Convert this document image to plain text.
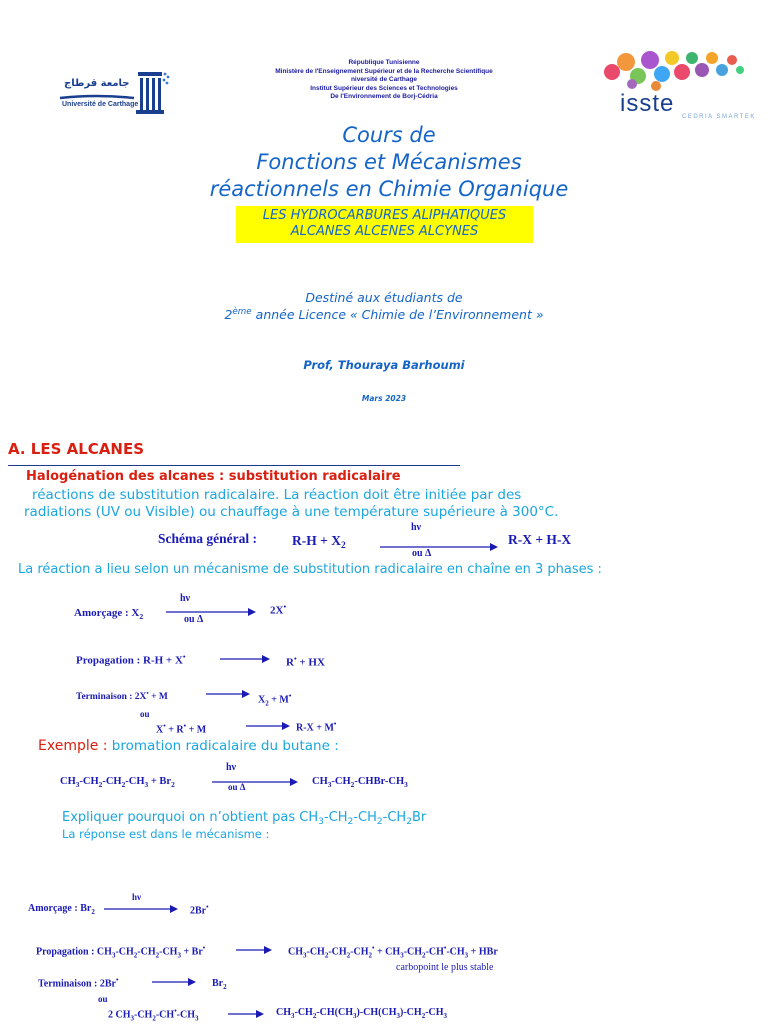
جامعة قرطاج
Université de Carthage	isste CEDRIA SMARTEK
République Tunisienne
Ministère de l'Enseignement Supérieur et de la Recherche Scientifique
niversité de Carthage
Institut Supérieur des Sciences et Technologies
De l'Environnement de Borj-Cédria
Cours de
Fonctions et Mécanismes
réactionnels en Chimie Organique
LES HYDROCARBURES ALIPHATIQUES
ALCANES ALCENES ALCYNES
Destiné aux étudiants de
2ème année Licence « Chimie de l’Environnement »
Prof, Thouraya Barhoumi
Mars 2023
A. LES ALCANES
Halogénation des alcanes : substitution radicalaire
réactions de substitution radicalaire. La réaction doit être initiée par des
radiations (UV ou Visible) ou chauffage à une température supérieure à 300°C.
Schéma général :	$R-H + X_2$
hν
ou Δ
R-X + H-X
La réaction a lieu selon un mécanisme de substitution radicalaire en chaîne en 3 phases :
Amorçage : $X_2$
hν
ou Δ
2X•
Propagation : R-H + X• → R• + HX
Terminaison : 2X• + M	$X_2 + M^•$
ou
X• + R• + M → R-X + M•
Exemple : bromation radicalaire du butane :
$CH_3-CH_2-CH_2-CH_3 + Br_2$
hν
ou Δ	$CH_3-CH_2-CHBr-CH_3$
Expliquer pourquoi on n’obtient pas $CH_3-CH_2-CH_2-CH_2Br$
La réponse est dans le mécanisme :
Amorçage : $Br_2$
hν
2Br•
Propagation : $CH_3-CH_2-CH_2-CH_3 + Br^• \to CH_3-CH_2-CH_2-CH_2^• + CH_3-CH_2-CH^•-CH_3$ + HBr
carbopoint le plus stable
Terminaison : $2Br^• \to Br_2$
ou
2 $CH_3-CH_2-CH^•-CH_3$
→ $CH_3-CH_2-CH(CH_3)-CH(CH_3)-CH_2-CH_3$
